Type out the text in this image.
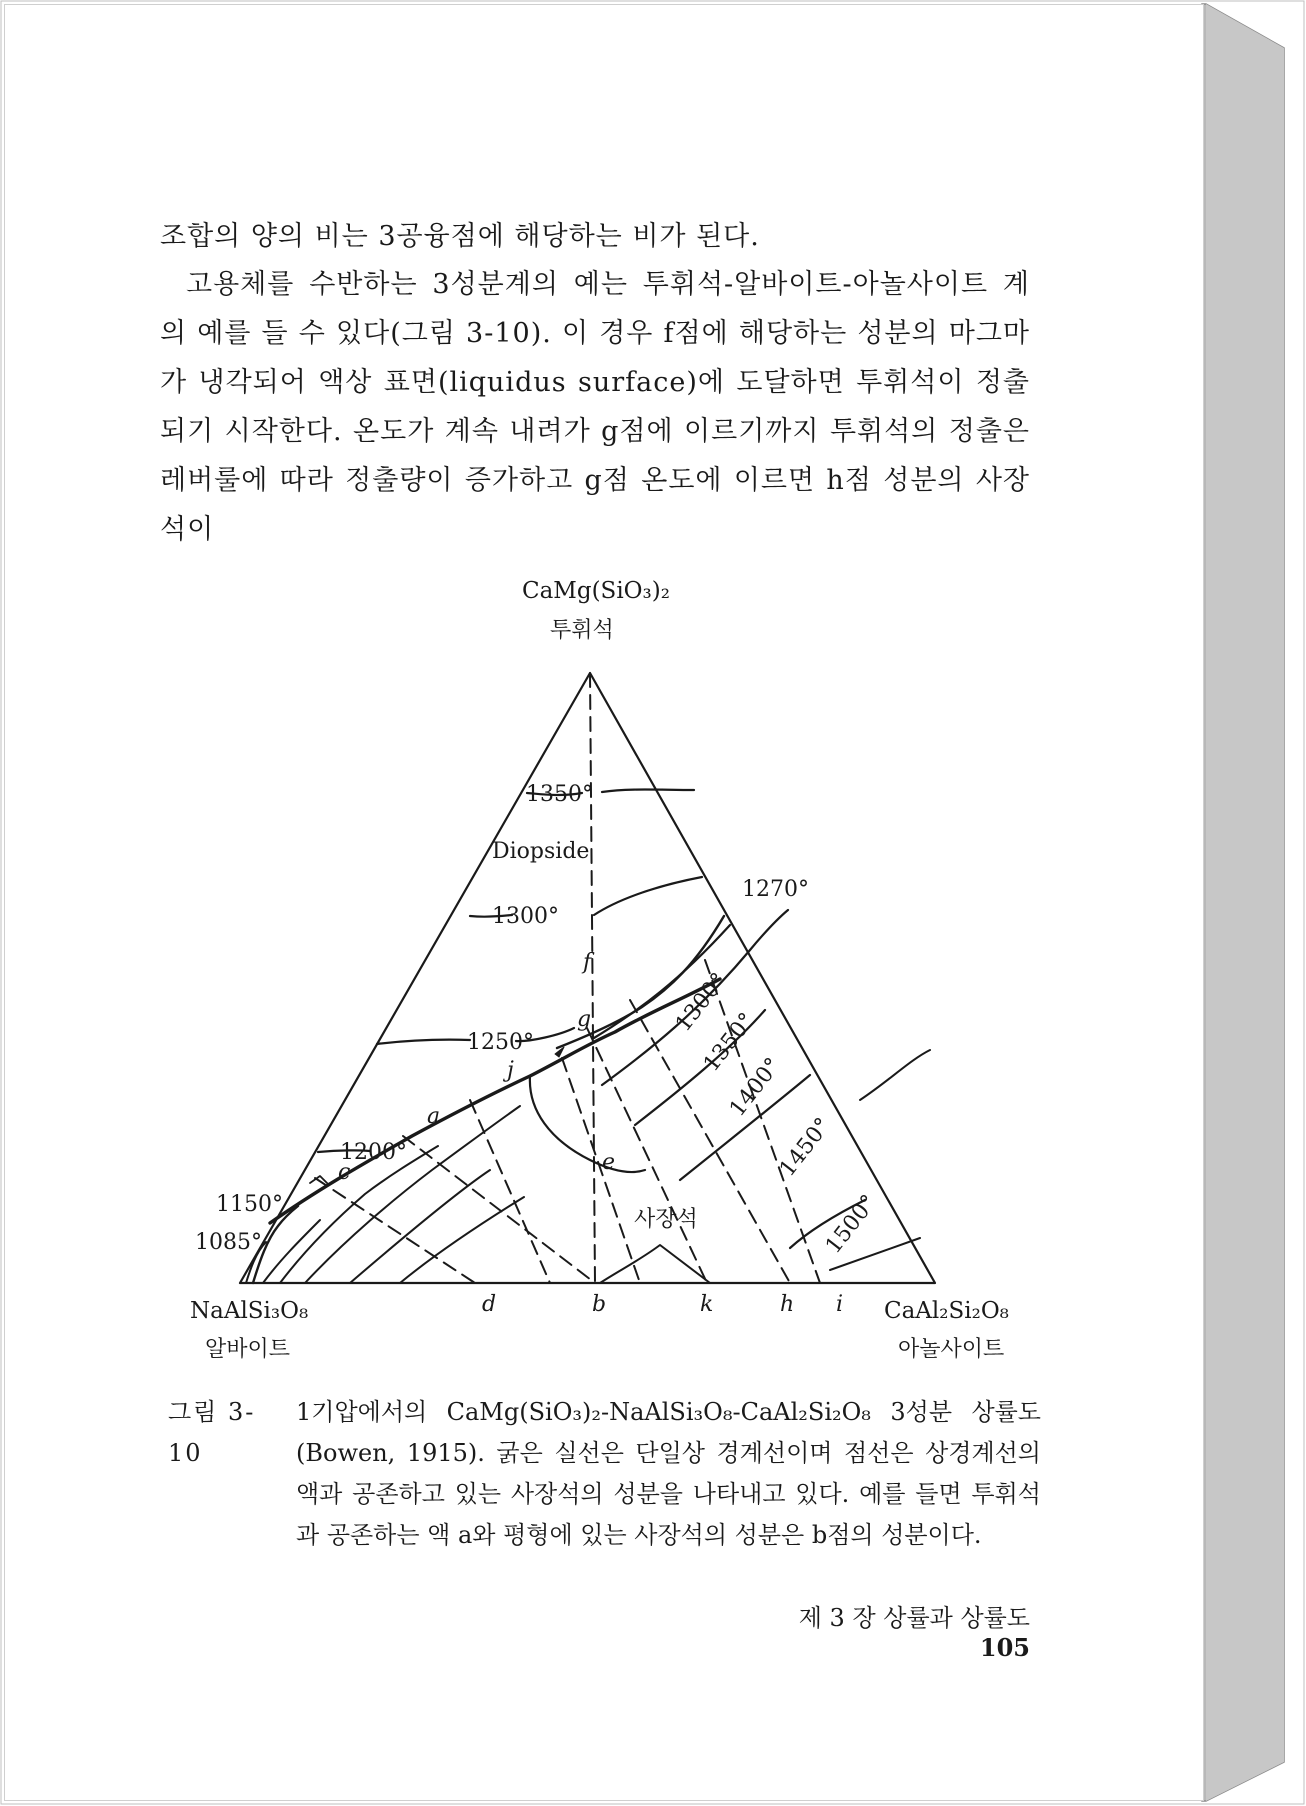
조합의 양의 비는 3공융점에 해당하는 비가 된다.
고용체를 수반하는 3성분계의 예는 투휘석-알바이트-아놀사이트 계의 예를 들 수 있다(그림 3-10). 이 경우 f점에 해당하는 성분의 마그마가 냉각되어 액상 표면(liquidus surface)에 도달하면 투휘석이 정출되기 시작한다. 온도가 계속 내려가 g점에 이르기까지 투휘석의 정출은 레버룰에 따라 정출량이 증가하고 g점 온도에 이르면 h점 성분의 사장석이
CaMg(SiO₃)₂
투휘석
NaAlSi₃O₈
알바이트
CaAl₂Si₂O₈
아놀사이트
Diopside
사장석
1350°
1300°
1250°
1200°
1270°
1150°
1085°
1300°
1350°
1400°
1450°
1500°
a
c	e
f
g
j
d	b	k	h i
그림 3-10
1기압에서의 CaMg(SiO₃)₂-NaAlSi₃O₈-CaAl₂Si₂O₈ 3성분 상률도 (Bowen, 1915). 굵은 실선은 단일상 경계선이며 점선은 상경계선의 액과 공존하고 있는 사장석의 성분을 나타내고 있다. 예를 들면 투휘석과 공존하는 액 a와 평형에 있는 사장석의 성분은 b점의 성분이다.
제 3 장 상률과 상률도105
